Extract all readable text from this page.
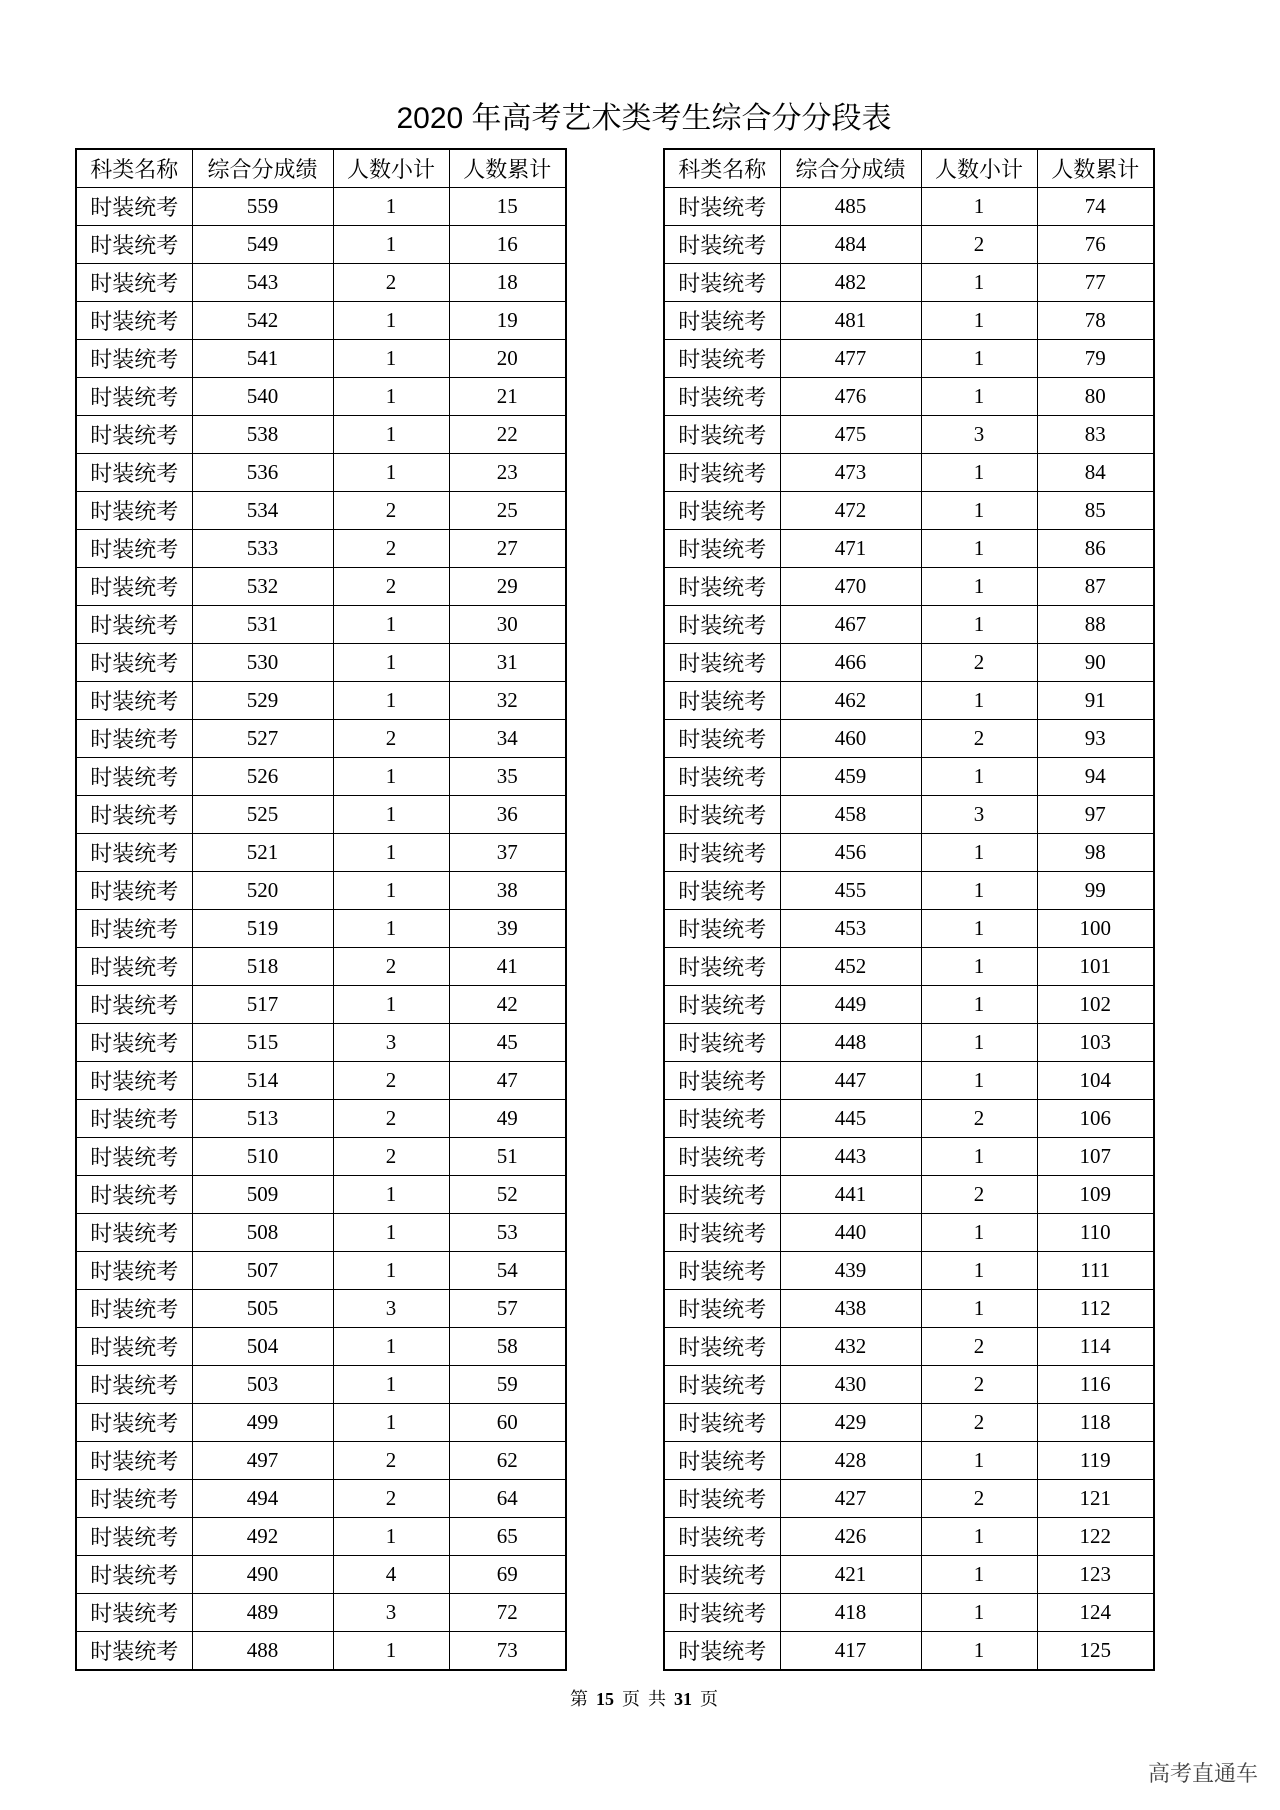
2020 年高考艺术类考生综合分分段表
科类名称	综合分成绩	人数小计	人数累计
时装统考	559	1	15
时装统考	549	1	16
时装统考	543	2	18
时装统考	542	1	19
时装统考	541	1	20
时装统考	540	1	21
时装统考	538	1	22
时装统考	536	1	23
时装统考	534	2	25
时装统考	533	2	27
时装统考	532	2	29
时装统考	531	1	30
时装统考	530	1	31
时装统考	529	1	32
时装统考	527	2	34
时装统考	526	1	35
时装统考	525	1	36
时装统考	521	1	37
时装统考	520	1	38
时装统考	519	1	39
时装统考	518	2	41
时装统考	517	1	42
时装统考	515	3	45
时装统考	514	2	47
时装统考	513	2	49
时装统考	510	2	51
时装统考	509	1	52
时装统考	508	1	53
时装统考	507	1	54
时装统考	505	3	57
时装统考	504	1	58
时装统考	503	1	59
时装统考	499	1	60
时装统考	497	2	62
时装统考	494	2	64
时装统考	492	1	65
时装统考	490	4	69
时装统考	489	3	72
时装统考	488	1	73
科类名称	综合分成绩	人数小计	人数累计
时装统考	485	1	74
时装统考	484	2	76
时装统考	482	1	77
时装统考	481	1	78
时装统考	477	1	79
时装统考	476	1	80
时装统考	475	3	83
时装统考	473	1	84
时装统考	472	1	85
时装统考	471	1	86
时装统考	470	1	87
时装统考	467	1	88
时装统考	466	2	90
时装统考	462	1	91
时装统考	460	2	93
时装统考	459	1	94
时装统考	458	3	97
时装统考	456	1	98
时装统考	455	1	99
时装统考	453	1	100
时装统考	452	1	101
时装统考	449	1	102
时装统考	448	1	103
时装统考	447	1	104
时装统考	445	2	106
时装统考	443	1	107
时装统考	441	2	109
时装统考	440	1	110
时装统考	439	1	111
时装统考	438	1	112
时装统考	432	2	114
时装统考	430	2	116
时装统考	429	2	118
时装统考	428	1	119
时装统考	427	2	121
时装统考	426	1	122
时装统考	421	1	123
时装统考	418	1	124
时装统考	417	1	125
第 15 页 共 31 页
高考直通车
